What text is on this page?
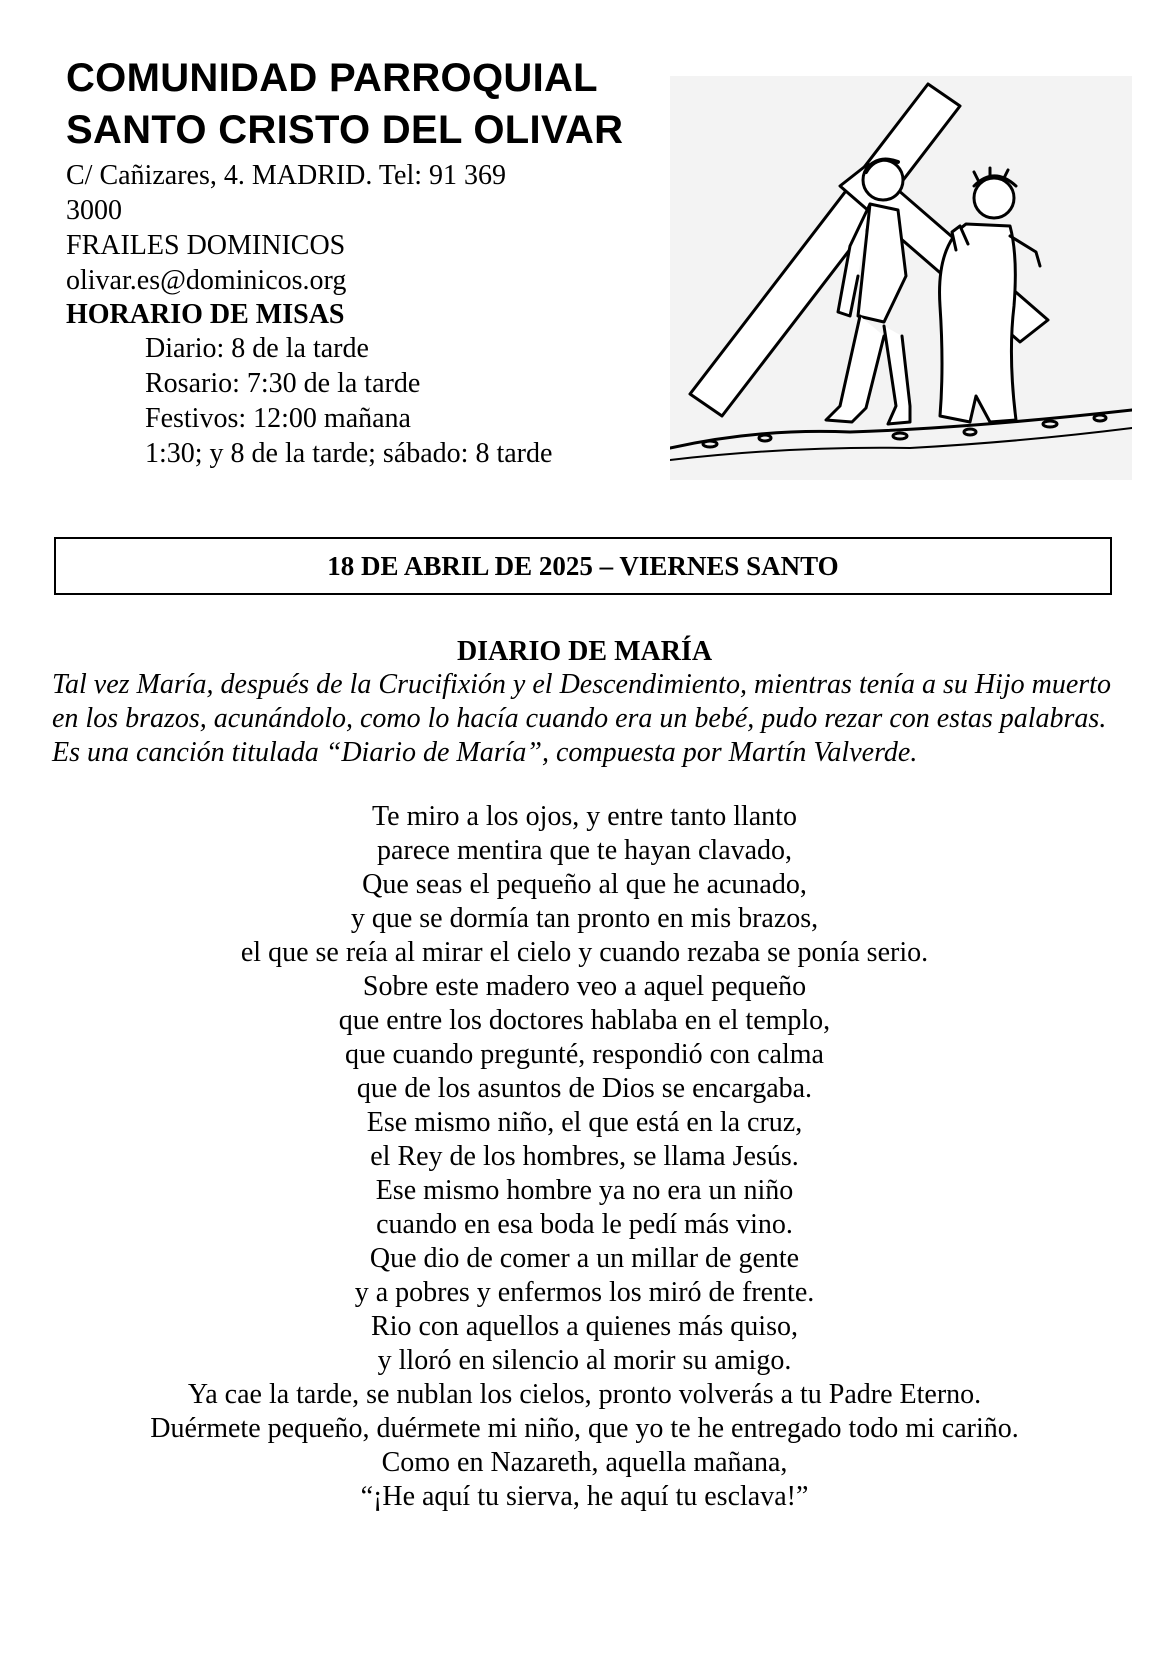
COMUNIDAD PARROQUIAL
SANTO CRISTO DEL OLIVAR
C/ Cañizares, 4. MADRID. Tel: 91 369
3000
FRAILES DOMINICOS
olivar.es@dominicos.org
HORARIO DE MISAS
Diario: 8 de la tarde
Rosario: 7:30 de la tarde
Festivos: 12:00 mañana
1:30; y 8 de la tarde; sábado: 8 tarde
18 DE ABRIL DE 2025 – VIERNES SANTO
DIARIO DE MARÍA
Tal vez María, después de la Crucifixión y el Descendimiento, mientras tenía a su Hijo muerto en los brazos, acunándolo, como lo hacía cuando era un bebé, pudo rezar con estas palabras. Es una canción titulada “Diario de María”, compuesta por Martín Valverde.
Te miro a los ojos, y entre tanto llanto
parece mentira que te hayan clavado,
Que seas el pequeño al que he acunado,
y que se dormía tan pronto en mis brazos,
el que se reía al mirar el cielo y cuando rezaba se ponía serio.
Sobre este madero veo a aquel pequeño
que entre los doctores hablaba en el templo,
que cuando pregunté, respondió con calma
que de los asuntos de Dios se encargaba.
Ese mismo niño, el que está en la cruz,
el Rey de los hombres, se llama Jesús.
Ese mismo hombre ya no era un niño
cuando en esa boda le pedí más vino.
Que dio de comer a un millar de gente
y a pobres y enfermos los miró de frente.
Rio con aquellos a quienes más quiso,
y lloró en silencio al morir su amigo.
Ya cae la tarde, se nublan los cielos, pronto volverás a tu Padre Eterno.
Duérmete pequeño, duérmete mi niño, que yo te he entregado todo mi cariño.
Como en Nazareth, aquella mañana,
“¡He aquí tu sierva, he aquí tu esclava!”
